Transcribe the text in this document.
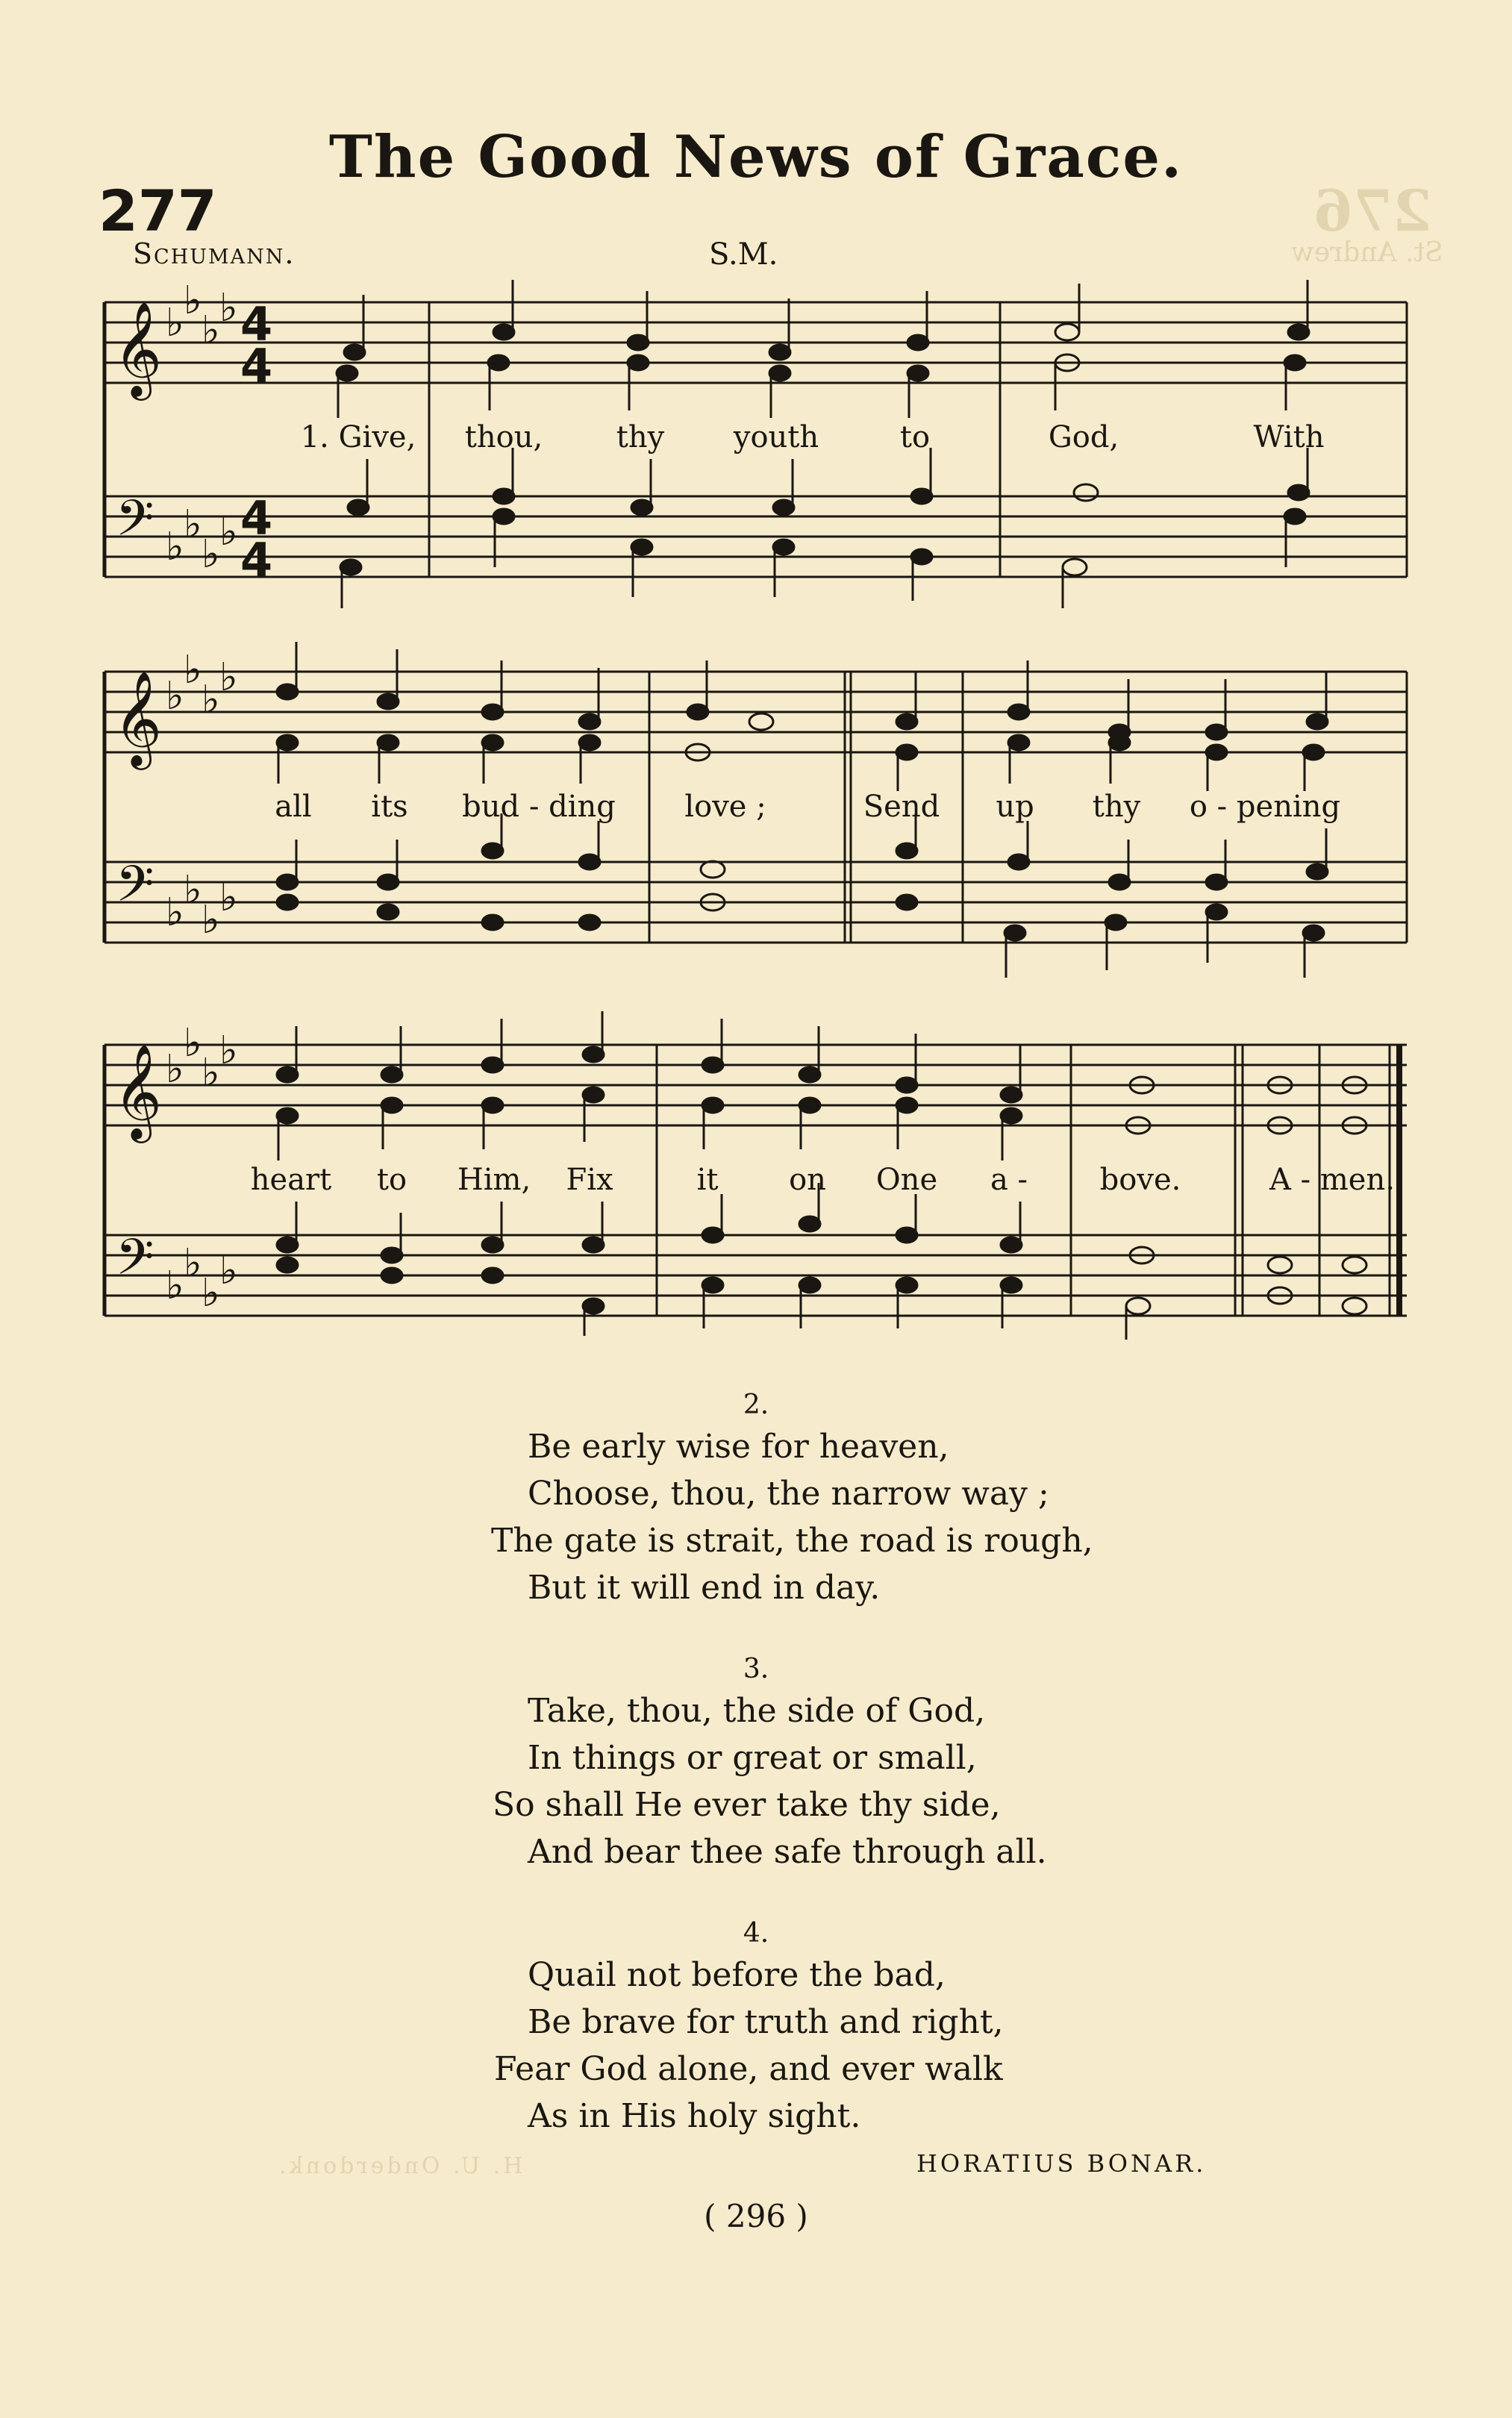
276
St. Andrew
H. U. Onderdonk.
The Good News of Grace.
277
Schumann.	S.M.
𝄞
𝄞
𝄞
𝄢
𝄢
𝄢
♭ ♭
♭ ♭
♭
♭
♭ ♭
♭
♭
♭ ♭
♭ ♭
♭ ♭
♭ ♭
♭ ♭
♭ ♭
♭ ♭
4
4
4
4
1. Give, thou, thy youth	to	God,	With
all its bud - ding love ;	Send up thy o - pening
heart to Him, Fix	it on One a - bove.	A - men.
2.
Be early wise for heaven,
Choose, thou, the narrow way ;
The gate is strait, the road is rough,
But it will end in day.
3.
Take, thou, the side of God,
In things or great or small,
So shall He ever take thy side,
And bear thee safe through all.
4.
Quail not before the bad,
Be brave for truth and right,
Fear God alone, and ever walk
As in His holy sight.
HORATIUS BONAR.
( 296 )
